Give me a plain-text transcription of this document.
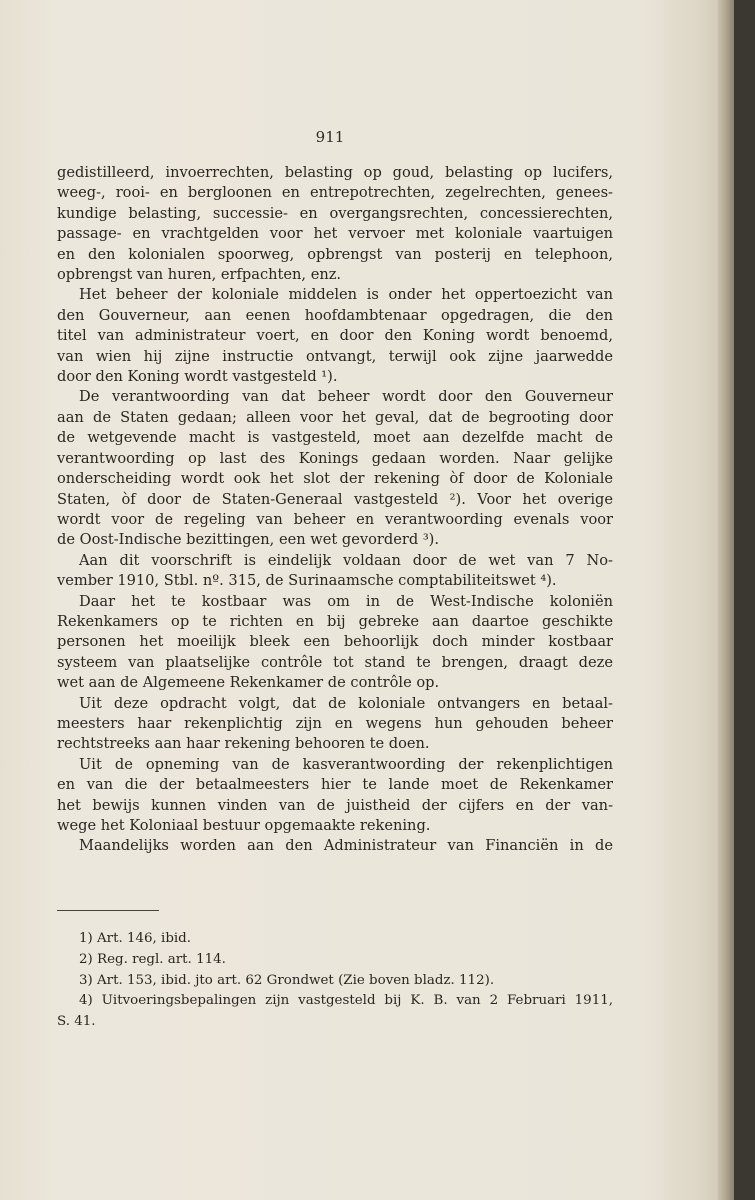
911
gedistilleerd, invoerrechten, belasting op goud, belasting op lucifers,
weeg-, rooi- en bergloonen en entrepotrechten, zegelrechten, genees-
kundige belasting, successie- en overgangsrechten, concessierechten,
passage- en vrachtgelden voor het vervoer met koloniale vaartuigen
en den kolonialen spoorweg, opbrengst van posterij en telephoon,
opbrengst van huren, erfpachten, enz.
Het beheer der koloniale middelen is onder het oppertoezicht van
den Gouverneur, aan eenen hoofdambtenaar opgedragen, die den
titel van administrateur voert, en door den Koning wordt benoemd,
van wien hij zijne instructie ontvangt, terwijl ook zijne jaarwedde
door den Koning wordt vastgesteld ¹).
De verantwoording van dat beheer wordt door den Gouverneur
aan de Staten gedaan; alleen voor het geval, dat de begrooting door
de wetgevende macht is vastgesteld, moet aan dezelfde macht de
verantwoording op last des Konings gedaan worden. Naar gelijke
onderscheiding wordt ook het slot der rekening òf door de Koloniale
Staten, òf door de Staten-Generaal vastgesteld ²). Voor het overige
wordt voor de regeling van beheer en verantwoording evenals voor
de Oost-Indische bezittingen, een wet gevorderd ³).
Aan dit voorschrift is eindelijk voldaan door de wet van 7 No-
vember 1910, Stbl. nº. 315, de Surinaamsche comptabiliteitswet ⁴).
Daar het te kostbaar was om in de West-Indische koloniën
Rekenkamers op te richten en bij gebreke aan daartoe geschikte
personen het moeilijk bleek een behoorlijk doch minder kostbaar
systeem van plaatselijke contrôle tot stand te brengen, draagt deze
wet aan de Algemeene Rekenkamer de contrôle op.
Uit deze opdracht volgt, dat de koloniale ontvangers en betaal-
meesters haar rekenplichtig zijn en wegens hun gehouden beheer
rechtstreeks aan haar rekening behooren te doen.
Uit de opneming van de kasverantwoording der rekenplichtigen
en van die der betaalmeesters hier te lande moet de Rekenkamer
het bewijs kunnen vinden van de juistheid der cijfers en der van-
wege het Koloniaal bestuur opgemaakte rekening.
Maandelijks worden aan den Administrateur van Financiën in de
1) Art. 146, ibid.
2) Reg. regl. art. 114.
3) Art. 153, ibid. jto art. 62 Grondwet (Zie boven bladz. 112).
4) Uitvoeringsbepalingen zijn vastgesteld bij K. B. van 2 Februari 1911,
S. 41.
